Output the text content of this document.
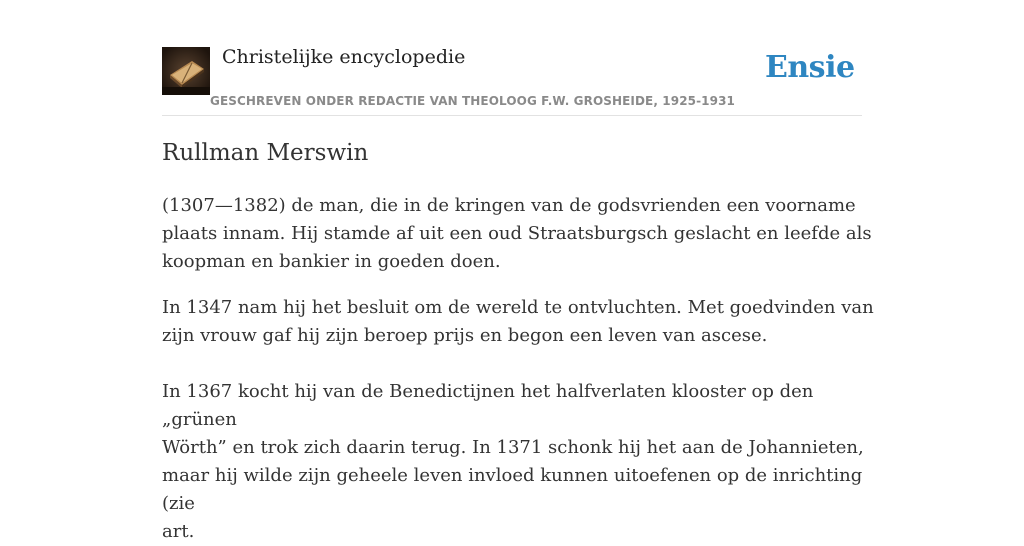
Christelijke encyclopedie
GESCHREVEN ONDER REDACTIE VAN THEOLOOG F.W. GROSHEIDE, 1925-1931
Ensie
Rullman Merswin

(1307—1382) de man, die in de kringen van de godsvrienden een voorname
plaats innam. Hij stamde af uit een oud Straatsburgsch geslacht en leefde als
koopman en bankier in goeden doen.

In 1347 nam hij het besluit om de wereld te ontvluchten. Met goedvinden van
zijn vrouw gaf hij zijn beroep prijs en begon een leven van ascese.

In 1367 kocht hij van de Benedictijnen het halfverlaten klooster op den „grünen
Wörth” en trok zich daarin terug. In 1371 schonk hij het aan de Johannieten,
maar hij wilde zijn geheele leven invloed kunnen uitoefenen op de inrichting (zie
art.
